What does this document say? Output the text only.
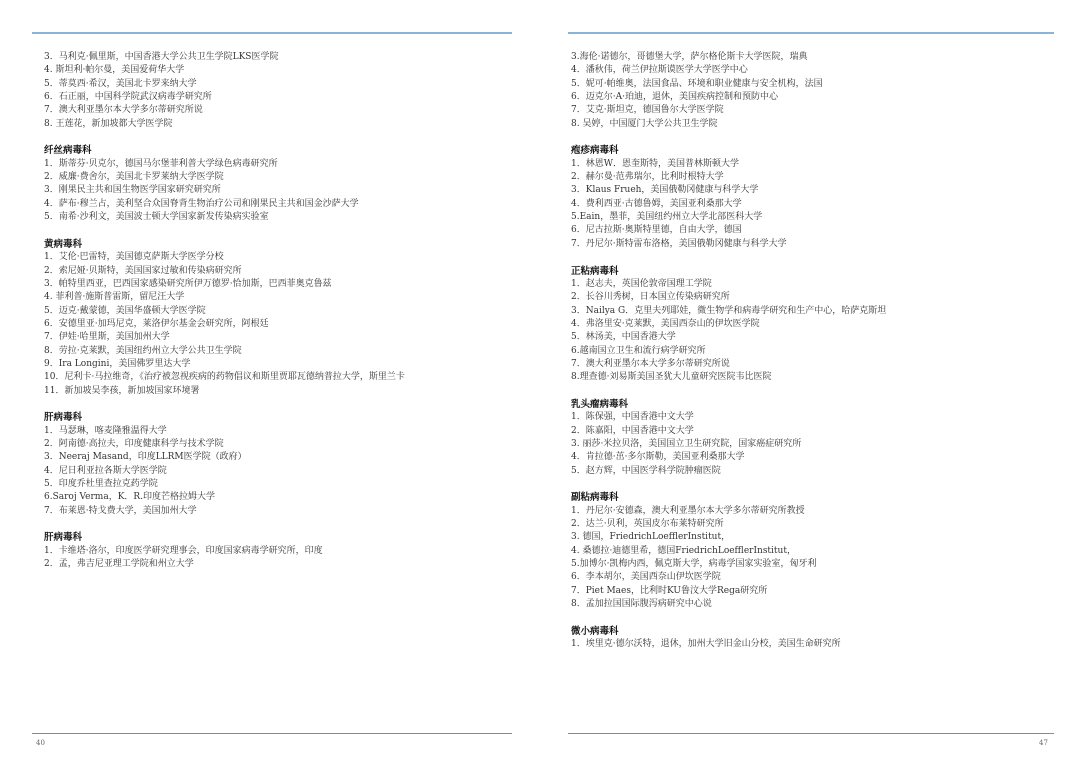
3．马利克·佩里斯，中国香港大学公共卫生学院LKS医学院
4. 斯坦利·帕尔曼，美国爱荷华大学
5．蒂莫西·希汉，美国北卡罗来纳大学
6．石正丽，中国科学院武汉病毒学研究所
7．澳大利亚墨尔本大学多尔蒂研究所说
8. 王莲花，新加坡都大学医学院
纤丝病毒科
1．斯蒂芬·贝克尔，德国马尔堡菲利普大学绿色病毒研究所
2．威廉·费舍尔，美国北卡罗莱纳大学医学院
3．刚果民主共和国生物医学国家研究研究所
4．萨布·穆兰占，美利坚合众国脊背生物治疗公司和刚果民主共和国金沙萨大学
5．南希·沙利文，美国波士顿大学国家新发传染病实验室
黄病毒科
1．艾伦·巴雷特，美国德克萨斯大学医学分校
2．索尼娅·贝斯特，美国国家过敏和传染病研究所
3．帕特里西亚，巴西国家感染研究所伊万德罗·恰加斯，巴西菲奥克鲁兹
4. 菲利普·施斯普雷斯，留尼汪大学
5．迈克·戴蒙德，美国华盛顿大学医学院
6．安德里亚·加玛尼克，莱洛伊尔基金会研究所，阿根廷
7．伊娃·哈里斯，美国加州大学
8．劳拉·克莱默，美国纽约州立大学公共卫生学院
9．Ira Longini，美国佛罗里达大学
10．尼利卡·马拉维奇，《治疗被忽视疾病的药物倡议和斯里贾耶瓦德纳普拉大学，斯里兰卡
11．新加坡吴李孩，新加坡国家环境署
肝病毒科
1．马瑟琳，喀麦隆雅温得大学
2．阿南德·高拉夫，印度健康科学与技术学院
3．Neeraj Masand，印度LLRM医学院（政府）
4．尼日利亚拉各斯大学医学院
5．印度乔杜里查拉克药学院
6.Saroj Verma，K．R.印度芒格拉姆大学
7．布莱恩·特戈费大学，美国加州大学
肝病毒科
1．卡维塔·洛尔，印度医学研究理事会，印度国家病毒学研究所，印度
2．孟，弗吉尼亚理工学院和州立大学
40
3.海伦·诺德尔，哥德堡大学，萨尔格伦斯卡大学医院，瑞典
4．潘秋伟，荷兰伊拉斯谟医学大学医学中心
5．妮可·帕维奥，法国食品、环境和职业健康与安全机构，法国
6．迈克尔·A·珀迪，退休，美国疾病控制和预防中心
7．艾克·斯坦克，德国鲁尔大学医学院
8. 吴婷，中国厦门大学公共卫生学院
疱疹病毒科
1．林恩W．恩奎斯特，美国普林斯顿大学
2．赫尔曼·范弗瑞尔，比利时根特大学
3．Klaus Frueh，美国俄勒冈健康与科学大学
4．费利西亚·古德鲁姆，美国亚利桑那大学
5.Eain，墨菲，美国纽约州立大学北部医科大学
6．尼古拉斯·奥斯特里德，自由大学，德国
7．丹尼尔·斯特雷布洛格，美国俄勒冈健康与科学大学
正粘病毒科
1．赵志夫，英国伦敦帝国理工学院
2．长谷川秀树，日本国立传染病研究所
3．Nailya G．克里夫列耶娃，微生物学和病毒学研究和生产中心，哈萨克斯坦
4．弗洛里安·克莱默，美国西奈山的伊坎医学院
5．林汤美，中国香港大学
6.越南国立卫生和流行病学研究所
7．澳大利亚墨尔本大学多尔蒂研究所说
8.理查德·刘易斯美国圣犹大儿童研究医院韦比医院
乳头瘤病毒科
1．陈保强，中国香港中文大学
2．陈嘉阳，中国香港中文大学
3. 丽莎·米拉贝洛，美国国立卫生研究院，国家癌症研究所
4．肯拉德·茁·多尔斯勒，美国亚利桑那大学
5．赵方辉，中国医学科学院肿瘤医院
副粘病毒科
1．丹尼尔·安德森，澳大利亚墨尔本大学多尔蒂研究所教授
2．达兰·贝利，英国皮尔布莱特研究所
3. 德国，FriedrichLoefflerInstitut，
4. 桑德拉·迪德里希，德国FriedrichLoefflerInstitut，
5.加博尔·凯梅内西，佩克斯大学，病毒学国家实验室，匈牙利
6．李本胡尔，美国西奈山伊坎医学院
7．Piet Maes，比利时KU鲁汶大学Rega研究所
8．孟加拉国国际腹泻病研究中心说
微小病毒科
1．埃里克·德尔沃特，退休，加州大学旧金山分校，美国生命研究所
47
